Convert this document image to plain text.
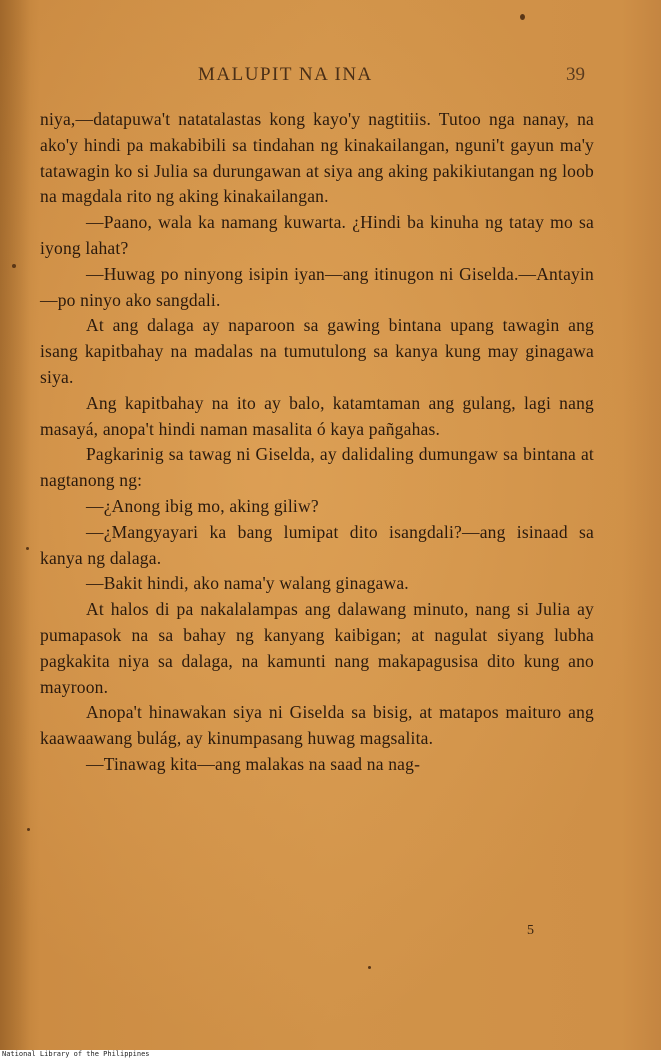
MALUPIT NA INA	39

niya,—datapuwa't natatalastas kong kayo'y nagtitiis. Tutoo nga nanay, na ako'y hindi pa makabibili sa tindahan ng kinakailangan, nguni't gayun ma'y tatawagin ko si Julia sa durungawan at siya ang aking pakikiutangan ng loob na magdala rito ng aking kinakailangan.

—Paano, wala ka namang kuwarta. ¿Hindi ba kinuha ng tatay mo sa iyong lahat?

—Huwag po ninyong isipin iyan—ang itinugon ni Giselda.—Antayin—po ninyo ako sangdali.

At ang dalaga ay naparoon sa gawing bintana upang tawagin ang isang kapitbahay na madalas na tumutulong sa kanya kung may ginagawa siya.

Ang kapitbahay na ito ay balo, katamtaman ang gulang, lagi nang masayá, anopa't hindi naman masalita ó kaya pañgahas.

Pagkarinig sa tawag ni Giselda, ay dalidaling dumungaw sa bintana at nagtanong ng:

—¿Anong ibig mo, aking giliw?

—¿Mangyayari ka bang lumipat dito isangdali?—ang isinaad sa kanya ng dalaga.

—Bakit hindi, ako nama'y walang ginagawa.

At halos di pa nakalalampas ang dalawang minuto, nang si Julia ay pumapasok na sa bahay ng kanyang kaibigan; at nagulat siyang lubha pagkakita niya sa dalaga, na kamunti nang makapagusisa dito kung ano mayroon.

Anopa't hinawakan siya ni Giselda sa bisig, at matapos maituro ang kaawaawang bulág, ay kinumpasang huwag magsalita.

—Tinawag kita—ang malakas na saad na nag-

5
National Library of the Philippines
